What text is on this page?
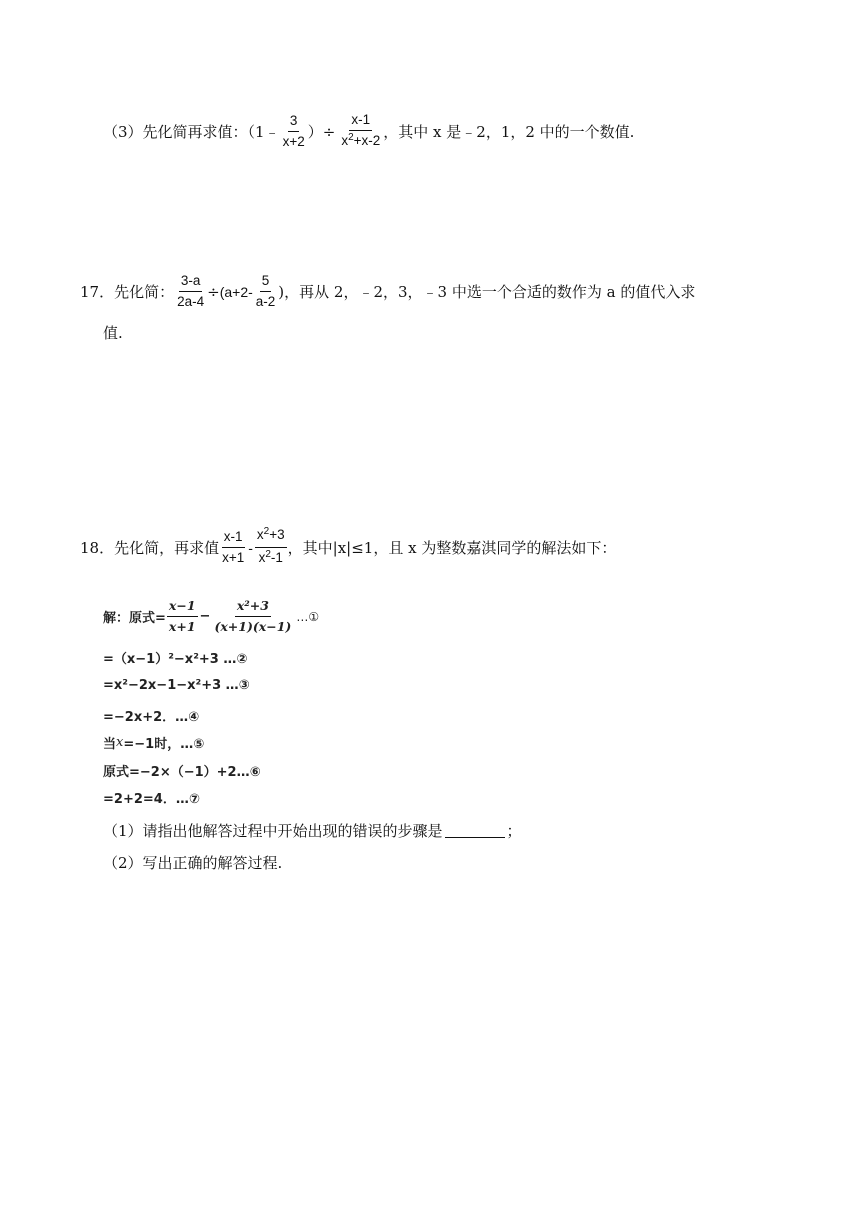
（3）先化简再求值：（1﹣ $\frac{3}{x+2}$ ）÷ $\frac{x-1}{x^2+x-2}$ ，其中 x 是﹣2，1，2 中的一个数值.
17．先化简： $\frac{3-a}{2a-4} \div (a+2- \frac{5}{a-2}$ )，再从 2，﹣2，3，﹣3 中选一个合适的数作为 a 的值代入求
值.
18．先化简，再求值 $\frac{x-1}{x+1} - \frac{x^2+3}{x^2-1}$ ，其中|x|≤1，且 x 为整数嘉淇同学的解法如下：
解：原式= $\frac{x-1}{x+1} - \frac{\text{x²+3}}{(x+1)(x-1)}$ …①
=（x−1）²−x²+3 …②
=x²−2x−1−x²+3 …③
=−2x+2．…④
当 x =−1时，…⑤
原式=−2×（−1）+2…⑥
=2+2=4．…⑦
（1）请指出他解答过程中开始出现的错误的步骤是	；
（2）写出正确的解答过程.
